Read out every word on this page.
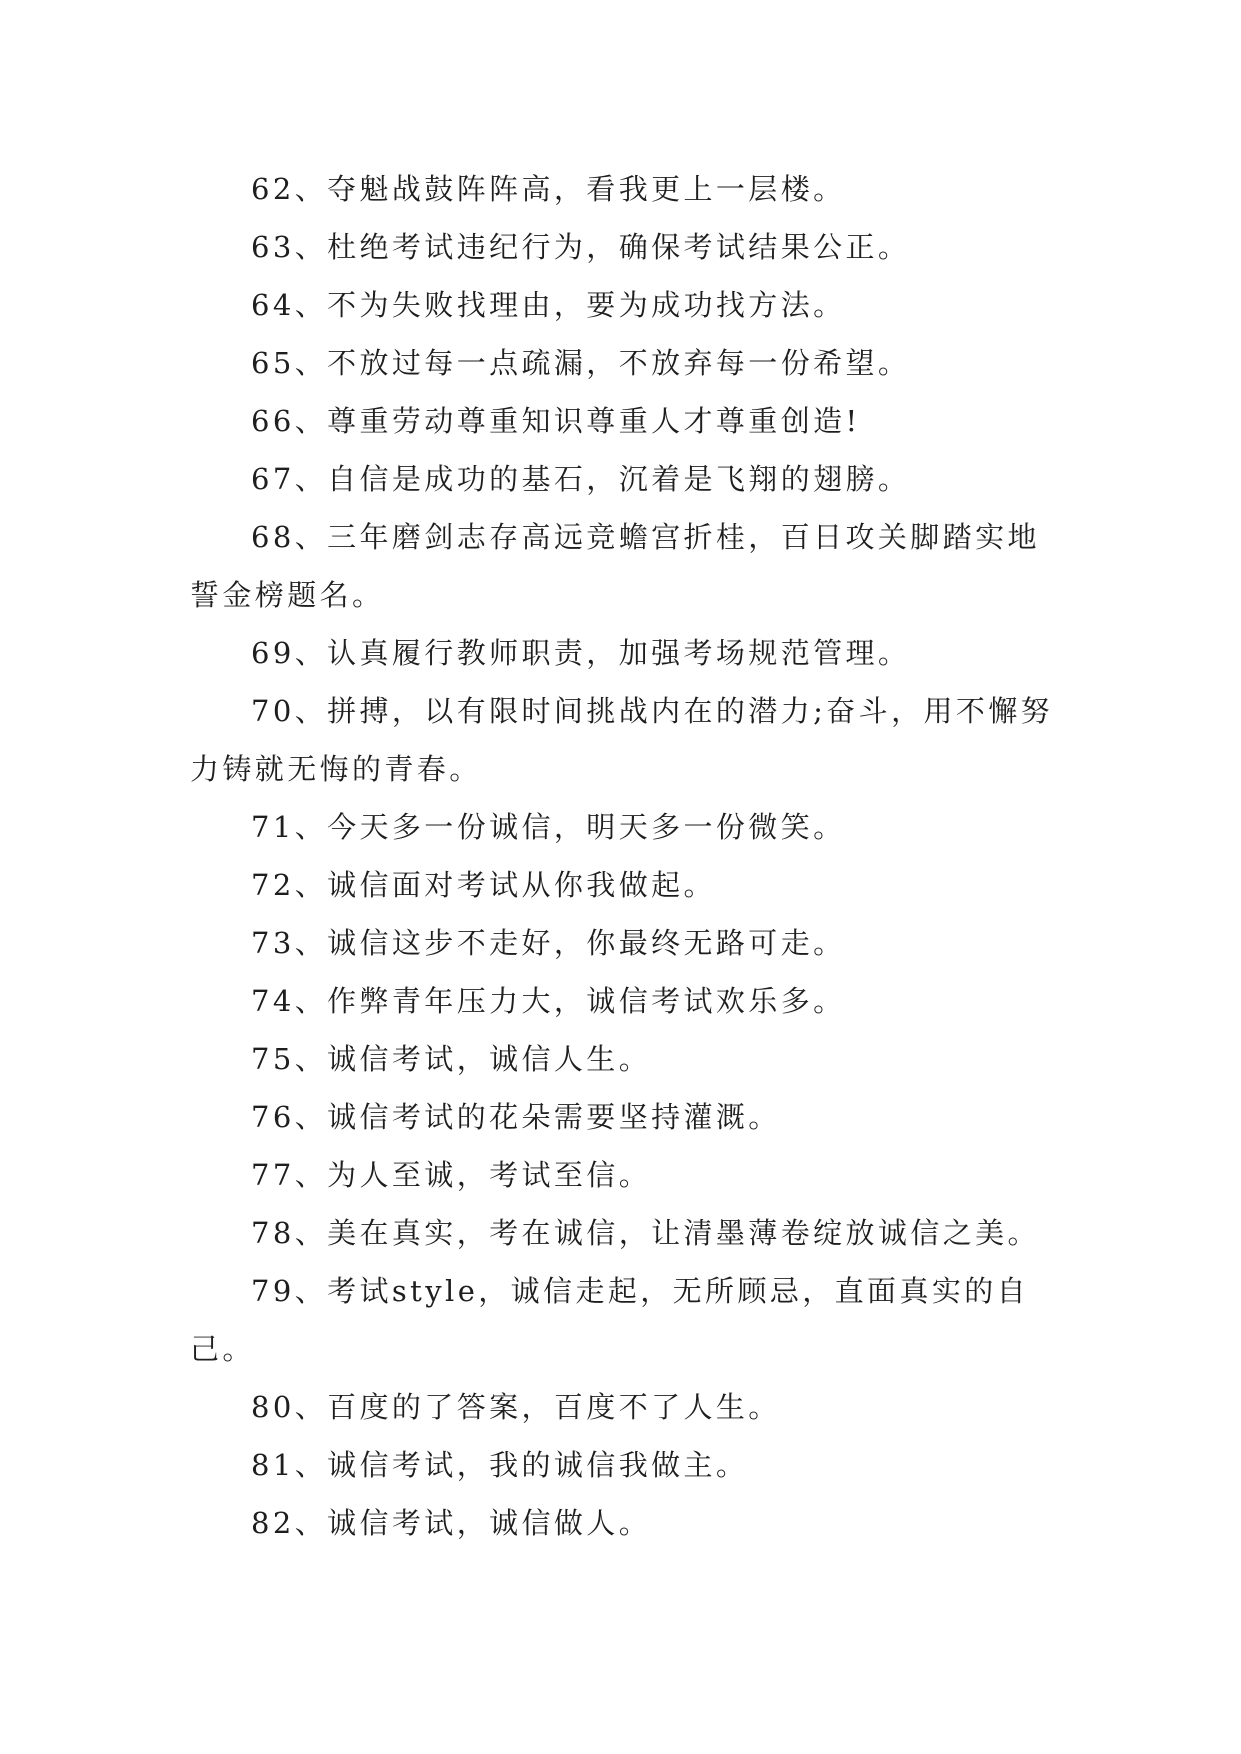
62、夺魁战鼓阵阵高，看我更上一层楼。

63、杜绝考试违纪行为，确保考试结果公正。

64、不为失败找理由，要为成功找方法。

65、不放过每一点疏漏，不放弃每一份希望。

66、尊重劳动尊重知识尊重人才尊重创造!

67、自信是成功的基石，沉着是飞翔的翅膀。

68、三年磨剑志存高远竞蟾宫折桂，百日攻关脚踏实地誓金榜题名。

69、认真履行教师职责，加强考场规范管理。

70、拼搏，以有限时间挑战内在的潜力;奋斗，用不懈努力铸就无悔的青春。

71、今天多一份诚信，明天多一份微笑。

72、诚信面对考试从你我做起。

73、诚信这步不走好，你最终无路可走。

74、作弊青年压力大，诚信考试欢乐多。

75、诚信考试，诚信人生。

76、诚信考试的花朵需要坚持灌溉。

77、为人至诚，考试至信。

78、美在真实，考在诚信，让清墨薄卷绽放诚信之美。

79、考试style，诚信走起，无所顾忌，直面真实的自己。

80、百度的了答案，百度不了人生。

81、诚信考试，我的诚信我做主。

82、诚信考试，诚信做人。
